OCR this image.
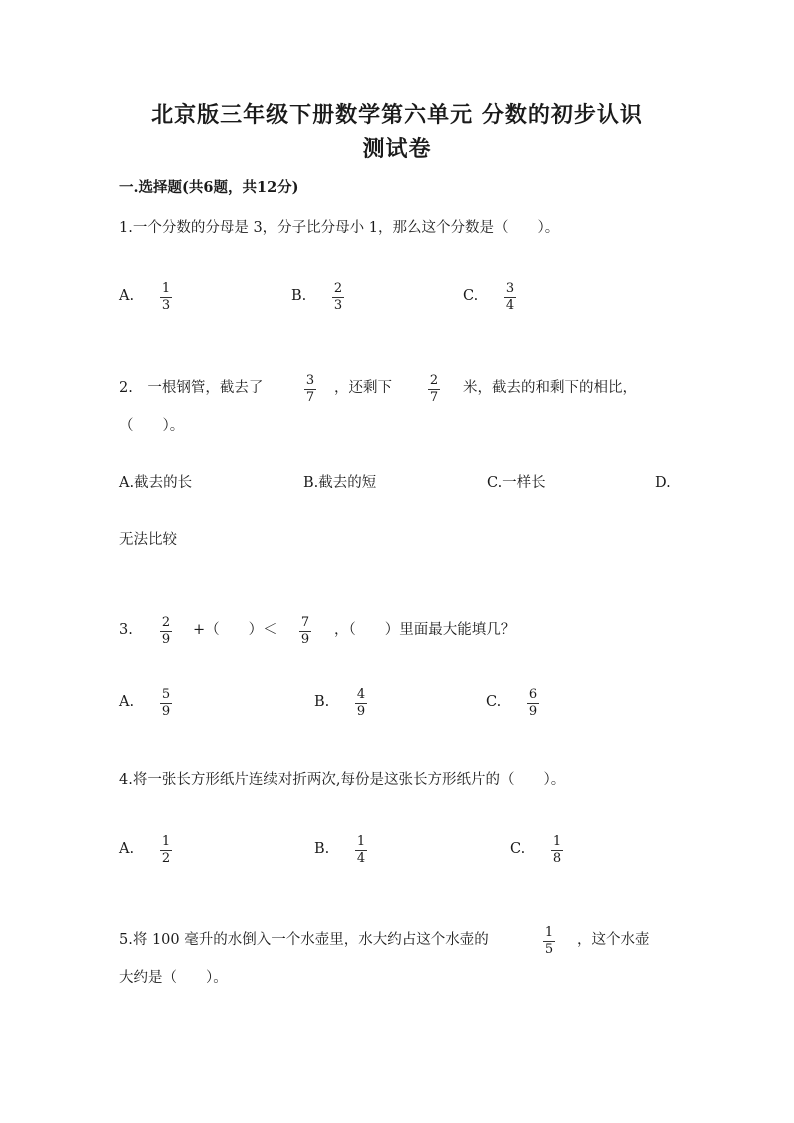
北京版三年级下册数学第六单元 分数的初步认识
测试卷
一.选择题(共6题，共12分)
1.一个分数的分母是 3，分子比分母小 1，那么这个分数是（　　）。
A. 1
3
B. 2
3
C. 3
4
2.　一根钢管，截去了	3
7
，还剩下	2
7
米，截去的和剩下的相比，
（　　）。
A.截去的长	B.截去的短	C.一样长	D.
无法比较
3. 2
9
+（　　）＜ 7
9
，（　　）里面最大能填几？
A. 5
9
B. 4
9
C. 6
9
4.将一张长方形纸片连续对折两次,每份是这张长方形纸片的（　　）。
A. 1
2
B. 1
4
C. 1
8
5.将 100 毫升的水倒入一个水壶里，水大约占这个水壶的	1
5
，这个水壶
大约是（　　）。
